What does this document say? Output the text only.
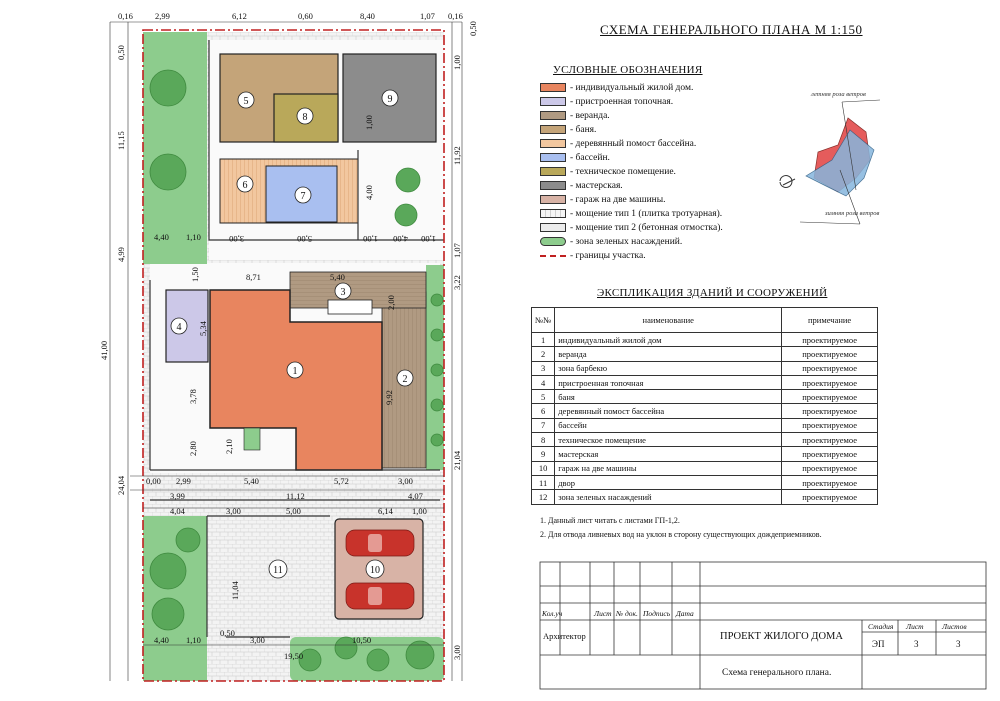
1
2
3
4
5
6
7
8
9
10
11
0,16	2,99	6,12	0,60	8,40	1,07 0,16
0,50
11,15
4,99
41,00
24,04
0,50
1,00
11,92
1,07
3,22
21,04
3,00
1,00
4,00
1,00
3,00	5,00	4,00 1,00
4,40 1,10
1,50	8,71	5,40
2,00
5,34
3,78	9,92
2,10
2,80
0,00 2,99	5,40	5,72	3,00
3,99	11,12	4,07
4,04	3,00	5,00	6,14 1,00
11,04
4,40 1,10
0,50
3,00	10,50
19,50
летняя роза ветров
зимняя роза ветров
СХЕМА ГЕНЕРАЛЬНОГО ПЛАНА М 1:150
УСЛОВНЫЕ ОБОЗНАЧЕНИЯ
- индивидуальный жилой дом.
- пристроенная топочная.
- веранда.
- баня.
- деревянный помост бассейна.
- бассейн.
- техническое помещение.
- мастерская.
- гараж на две машины.
- мощение тип 1 (плитка тротуарная).
- мощение тип 2 (бетонная отмостка).
- зона зеленых насаждений.
- границы участка.
ЭКСПЛИКАЦИЯ ЗДАНИЙ И СООРУЖЕНИЙ
№№	наименование	примечание
1	индивидуальный жилой дом	проектируемое
2	веранда	проектируемое
3	зона барбекю	проектируемое
4	пристроенная топочная	проектируемое
5	баня	проектируемое
6	деревянный помост бассейна	проектируемое
7	бассейн	проектируемое
8	техническое помещение	проектируемое
9	мастерская	проектируемое
10	гараж на две машины	проектируемое
11	двор	проектируемое
12	зона зеленых насаждений	проектируемое
1. Данный лист читать с листами ГП-1,2.
2. Для отвода ливневых вод на уклон в сторону существующих дождеприемников.
Кол.уч	Лист № док. Подпись Дата
Архитектор	ПРОЕКТ ЖИЛОГО ДОМА
Схема генерального плана.
Стадия Лист Листов
ЭП	3	3
